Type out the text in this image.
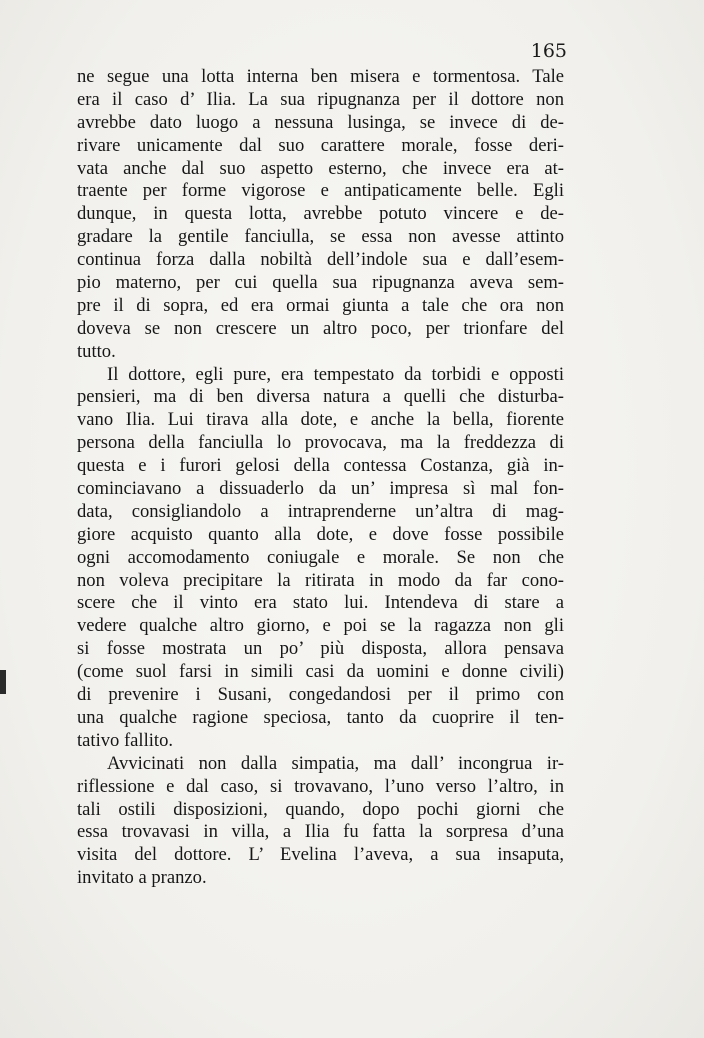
165

ne segue una lotta interna ben misera e tormentosa. Tale
era il caso d’ Ilia. La sua ripugnanza per il dottore non
avrebbe dato luogo a nessuna lusinga, se invece di de-
rivare unicamente dal suo carattere morale, fosse deri-
vata anche dal suo aspetto esterno, che invece era at-
traente per forme vigorose e antipaticamente belle. Egli
dunque, in questa lotta, avrebbe potuto vincere e de-
gradare la gentile fanciulla, se essa non avesse attinto
continua forza dalla nobiltà dell’indole sua e dall’esem-
pio materno, per cui quella sua ripugnanza aveva sem-
pre il di sopra, ed era ormai giunta a tale che ora non
doveva se non crescere un altro poco, per trionfare del
tutto.
Il dottore, egli pure, era tempestato da torbidi e opposti
pensieri, ma di ben diversa natura a quelli che disturba-
vano Ilia. Lui tirava alla dote, e anche la bella, fiorente
persona della fanciulla lo provocava, ma la freddezza di
questa e i furori gelosi della contessa Costanza, già in-
cominciavano a dissuaderlo da un’ impresa sì mal fon-
data, consigliandolo a intraprenderne un’altra di mag-
giore acquisto quanto alla dote, e dove fosse possibile
ogni accomodamento coniugale e morale. Se non che
non voleva precipitare la ritirata in modo da far cono-
scere che il vinto era stato lui. Intendeva di stare a
vedere qualche altro giorno, e poi se la ragazza non gli
si fosse mostrata un po’ più disposta, allora pensava
(come suol farsi in simili casi da uomini e donne civili)
di prevenire i Susani, congedandosi per il primo con
una qualche ragione speciosa, tanto da cuoprire il ten-
tativo fallito.
Avvicinati non dalla simpatia, ma dall’ incongrua ir-
riflessione e dal caso, si trovavano, l’uno verso l’altro, in
tali ostili disposizioni, quando, dopo pochi giorni che
essa trovavasi in villa, a Ilia fu fatta la sorpresa d’una
visita del dottore. L’ Evelina l’aveva, a sua insaputa,
invitato a pranzo.
